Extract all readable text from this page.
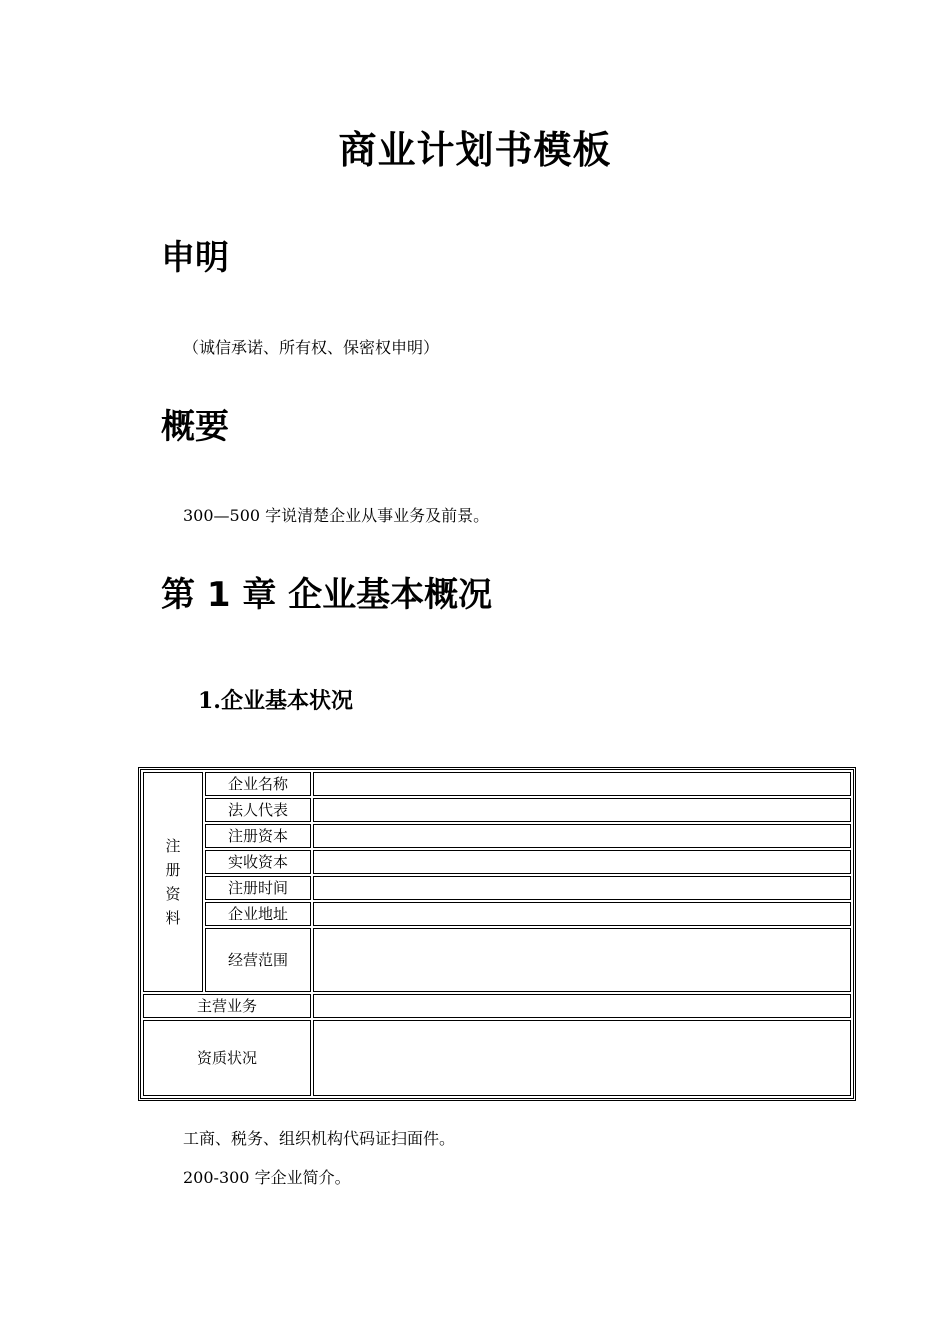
商业计划书模板
申明

（诚信承诺、所有权、保密权申明）

概要

300—500 字说清楚企业从事业务及前景。

第 1 章 企业基本概况
1.企业基本状况
注册资料	企业名称	
	法人代表	
	注册资本	
	实收资本	
	注册时间	
	企业地址	
	经营范围	
主营业务		
资质状况		

工商、税务、组织机构代码证扫面件。

200-300 字企业简介。
